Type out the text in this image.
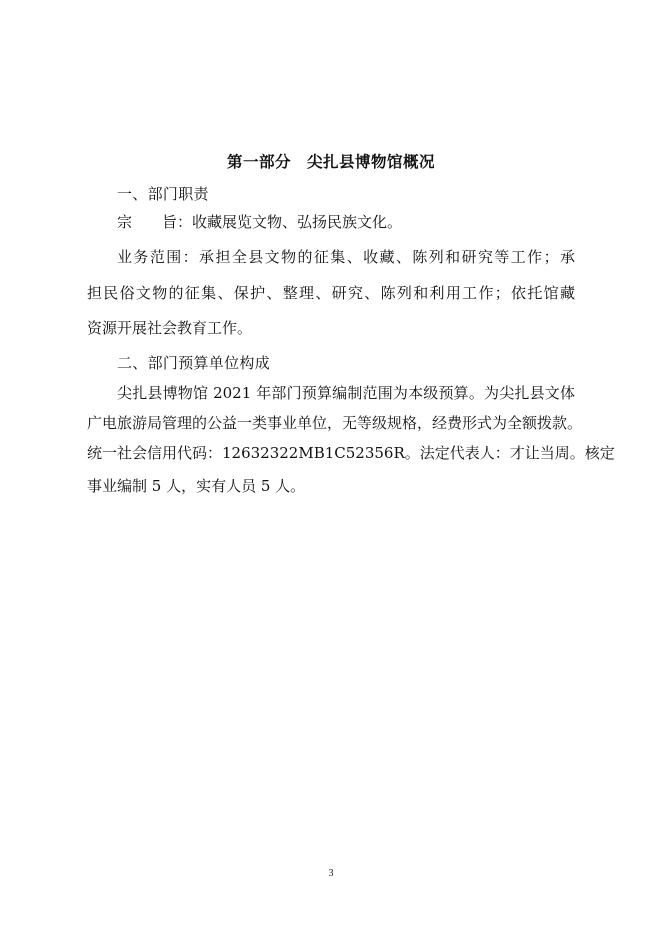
第一部分　尖扎县博物馆概况
一、部门职责
宗　　旨：收藏展览文物、弘扬民族文化。
业务范围：承担全县文物的征集、收藏、陈列和研究等工作；承
担民俗文物的征集、保护、整理、研究、陈列和利用工作；依托馆藏
资源开展社会教育工作。
二、部门预算单位构成
尖扎县博物馆 2021 年部门预算编制范围为本级预算。为尖扎县文体
广电旅游局管理的公益一类事业单位，无等级规格，经费形式为全额拨款。
统一社会信用代码：12632322MB1C52356R。法定代表人：才让当周。核定
事业编制 5 人，实有人员 5 人。
3
